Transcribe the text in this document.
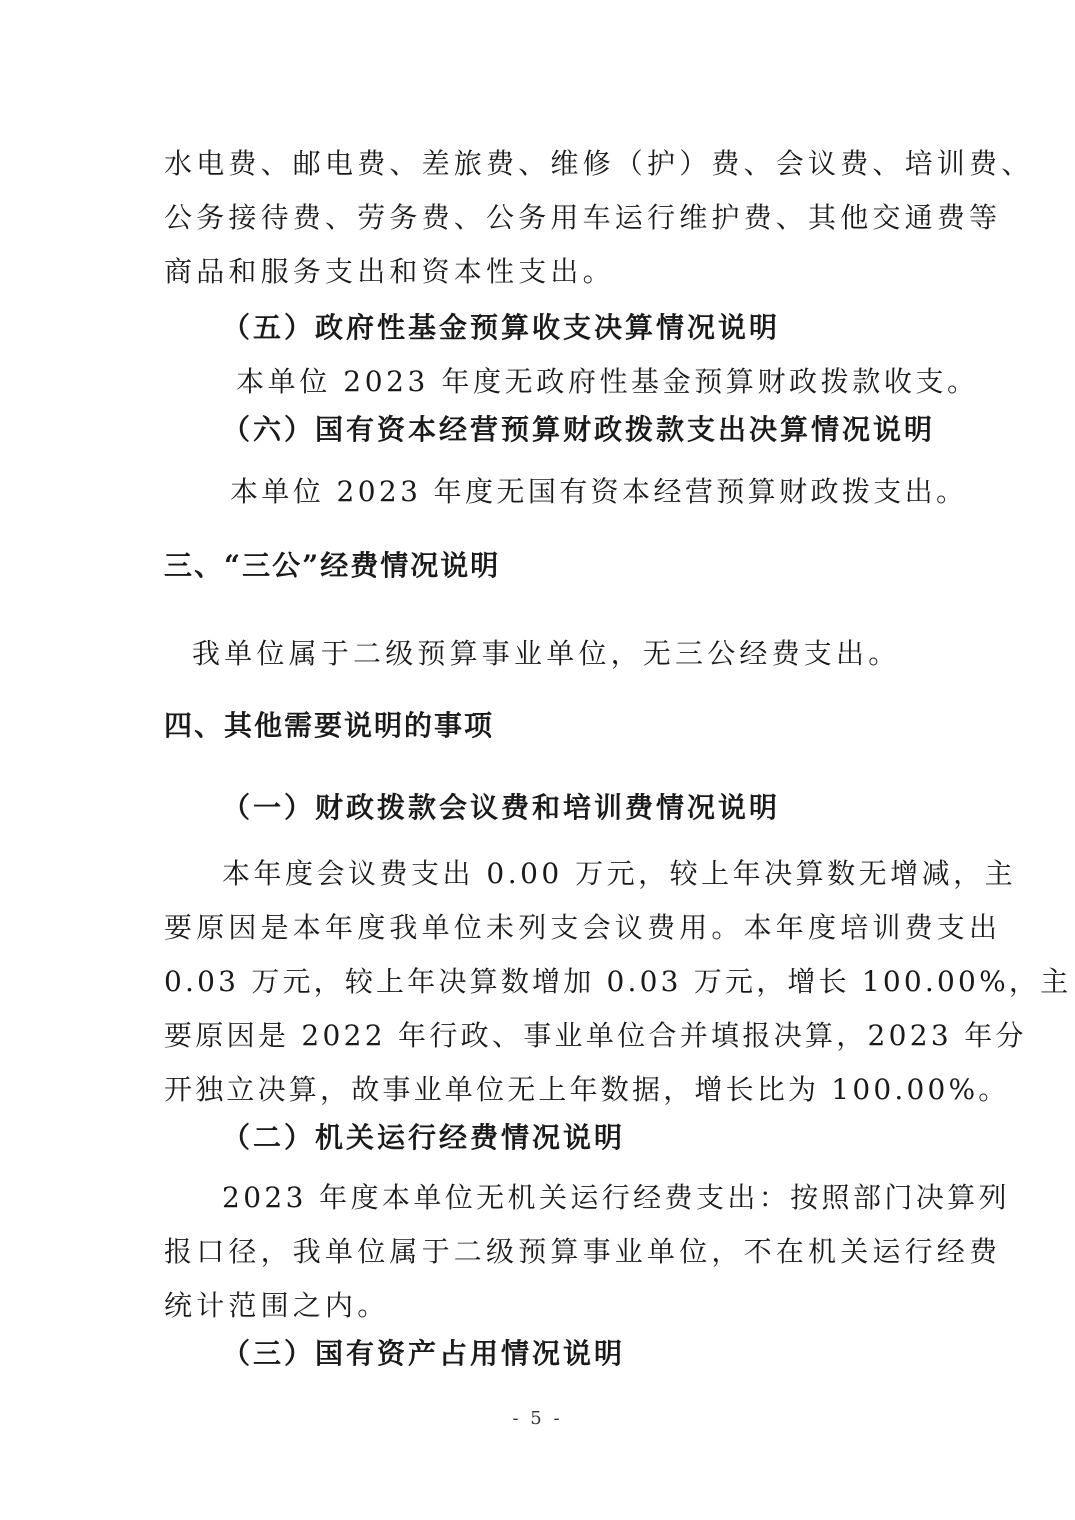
水电费、邮电费、差旅费、维修（护）费、会议费、培训费、
公务接待费、劳务费、公务用车运行维护费、其他交通费等
商品和服务支出和资本性支出。
（五）政府性基金预算收支决算情况说明
本单位 2023 年度无政府性基金预算财政拨款收支。
（六）国有资本经营预算财政拨款支出决算情况说明
本单位 2023 年度无国有资本经营预算财政拨支出。
三、“三公”经费情况说明
我单位属于二级预算事业单位，无三公经费支出。
四、其他需要说明的事项
（一）财政拨款会议费和培训费情况说明
本年度会议费支出 0.00 万元，较上年决算数无增减，主
要原因是本年度我单位未列支会议费用。本年度培训费支出
0.03 万元，较上年决算数增加 0.03 万元，增长 100.00%，主
要原因是 2022 年行政、事业单位合并填报决算，2023 年分
开独立决算，故事业单位无上年数据，增长比为 100.00%。
（二）机关运行经费情况说明
2023 年度本单位无机关运行经费支出：按照部门决算列
报口径，我单位属于二级预算事业单位，不在机关运行经费
统计范围之内。
（三）国有资产占用情况说明
- 5 -
